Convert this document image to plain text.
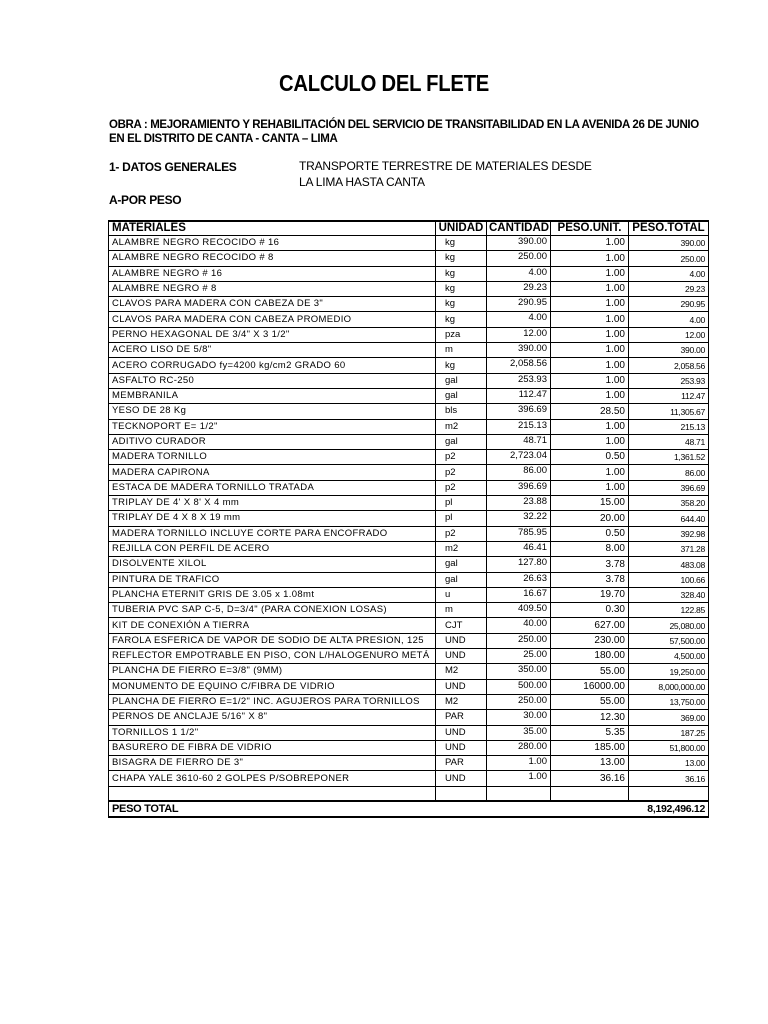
CALCULO DEL FLETE
OBRA : MEJORAMIENTO Y REHABILITACIÓN DEL SERVICIO DE TRANSITABILIDAD EN LA AVENIDA 26 DE JUNIO EN EL DISTRITO DE CANTA - CANTA – LIMA
1- DATOS GENERALES	TRANSPORTE TERRESTRE DE MATERIALES DESDE
LA LIMA HASTA CANTA
A-POR PESO
MATERIALES	UNIDAD	CANTIDAD	PESO.UNIT.	PESO.TOTAL
ALAMBRE NEGRO RECOCIDO # 16	kg	390.00	1.00	390.00
ALAMBRE NEGRO RECOCIDO # 8	kg	250.00	1.00	250.00
ALAMBRE NEGRO # 16	kg	4.00	1.00	4.00
ALAMBRE NEGRO # 8	kg	29.23	1.00	29.23
CLAVOS PARA MADERA CON CABEZA DE 3"	kg	290.95	1.00	290.95
CLAVOS PARA MADERA CON CABEZA PROMEDIO	kg	4.00	1.00	4.00
PERNO HEXAGONAL DE 3/4" X 3 1/2"	pza	12.00	1.00	12.00
ACERO LISO DE 5/8"	m	390.00	1.00	390.00
ACERO CORRUGADO fy=4200 kg/cm2 GRADO 60	kg	2,058.56	1.00	2,058.56
ASFALTO RC-250	gal	253.93	1.00	253.93
MEMBRANILA	gal	112.47	1.00	112.47
YESO DE 28 Kg	bls	396.69	28.50	11,305.67
TECKNOPORT E= 1/2"	m2	215.13	1.00	215.13
ADITIVO CURADOR	gal	48.71	1.00	48.71
MADERA TORNILLO	p2	2,723.04	0.50	1,361.52
MADERA CAPIRONA	p2	86.00	1.00	86.00
ESTACA DE MADERA TORNILLO TRATADA	p2	396.69	1.00	396.69
TRIPLAY DE 4' X 8' X 4 mm	pl	23.88	15.00	358.20
TRIPLAY DE 4 X 8 X 19 mm	pl	32.22	20.00	644.40
MADERA TORNILLO INCLUYE CORTE PARA ENCOFRADO	p2	785.95	0.50	392.98
REJILLA CON PERFIL DE ACERO	m2	46.41	8.00	371.28
DISOLVENTE XILOL	gal	127.80	3.78	483.08
PINTURA DE TRAFICO	gal	26.63	3.78	100.66
PLANCHA ETERNIT GRIS DE 3.05 x 1.08mt	u	16.67	19.70	328.40
TUBERIA PVC SAP C-5, D=3/4" (PARA CONEXION LOSAS)	m	409.50	0.30	122.85
KIT DE CONEXIÓN A TIERRA	CJT	40.00	627.00	25,080.00
FAROLA ESFERICA DE VAPOR DE SODIO DE ALTA PRESION, 125	UND	250.00	230.00	57,500.00
REFLECTOR EMPOTRABLE EN PISO, CON L/HALOGENURO METÁ	UND	25.00	180.00	4,500.00
PLANCHA DE FIERRO E=3/8" (9MM)	M2	350.00	55.00	19,250.00
MONUMENTO DE EQUINO C/FIBRA DE VIDRIO	UND	500.00	16000.00	8,000,000.00
PLANCHA DE FIERRO E=1/2" INC. AGUJEROS PARA TORNILLOS	M2	250.00	55.00	13,750.00
PERNOS DE ANCLAJE 5/16" X 8"	PAR	30.00	12.30	369.00
TORNILLOS 1 1/2"	UND	35.00	5.35	187.25
BASURERO DE FIBRA DE VIDRIO	UND	280.00	185.00	51,800.00
BISAGRA DE FIERRO DE 3"	PAR	1.00	13.00	13.00
CHAPA YALE 3610-60 2 GOLPES P/SOBREPONER	UND	1.00	36.16	36.16

PESO TOTAL				8,192,496.12
